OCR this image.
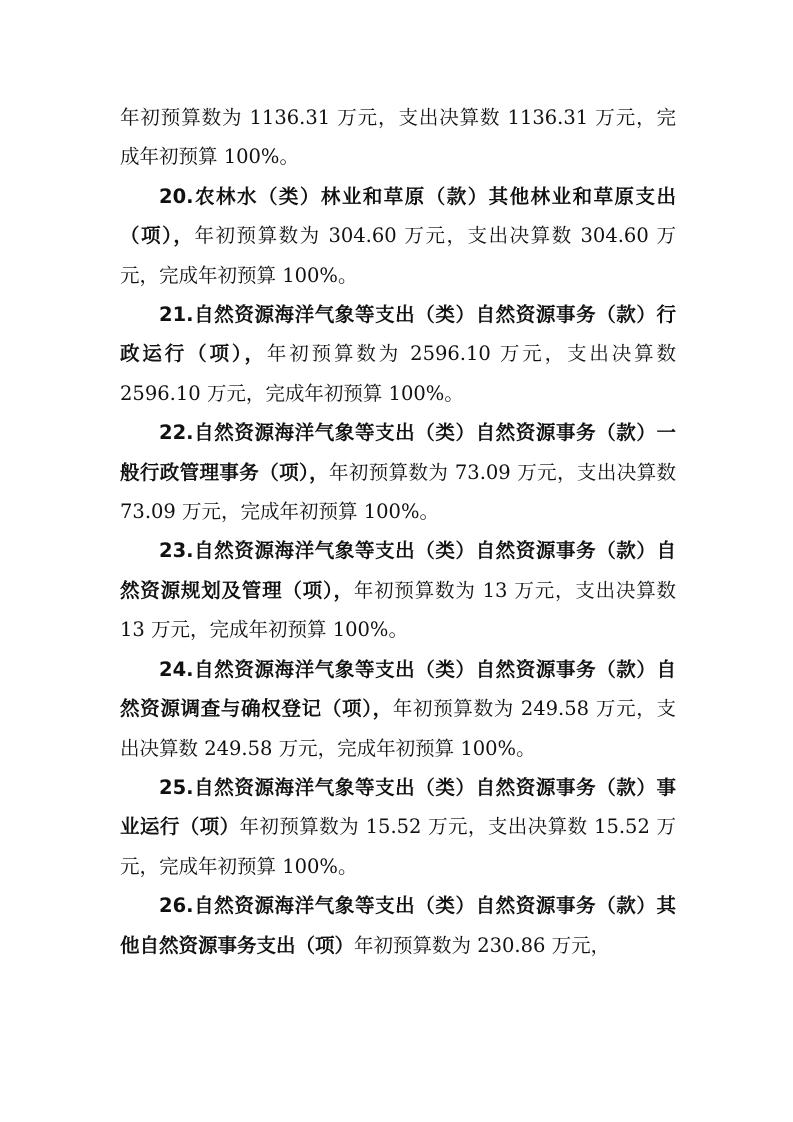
年初预算数为 1136.31 万元，支出决算数 1136.31 万元，完成年初预算 100%。

20.农林水（类）林业和草原（款）其他林业和草原支出（项），年初预算数为 304.60 万元，支出决算数 304.60 万元，完成年初预算 100%。

21.自然资源海洋气象等支出（类）自然资源事务（款）行政运行（项），年初预算数为 2596.10 万元，支出决算数 2596.10 万元，完成年初预算 100%。

22.自然资源海洋气象等支出（类）自然资源事务（款）一般行政管理事务（项），年初预算数为 73.09 万元，支出决算数 73.09 万元，完成年初预算 100%。

23.自然资源海洋气象等支出（类）自然资源事务（款）自然资源规划及管理（项），年初预算数为 13 万元，支出决算数 13 万元，完成年初预算 100%。

24.自然资源海洋气象等支出（类）自然资源事务（款）自然资源调查与确权登记（项），年初预算数为 249.58 万元，支出决算数 249.58 万元，完成年初预算 100%。

25.自然资源海洋气象等支出（类）自然资源事务（款）事业运行（项）年初预算数为 15.52 万元，支出决算数 15.52 万元，完成年初预算 100%。

26.自然资源海洋气象等支出（类）自然资源事务（款）其他自然资源事务支出（项）年初预算数为 230.86 万元，
